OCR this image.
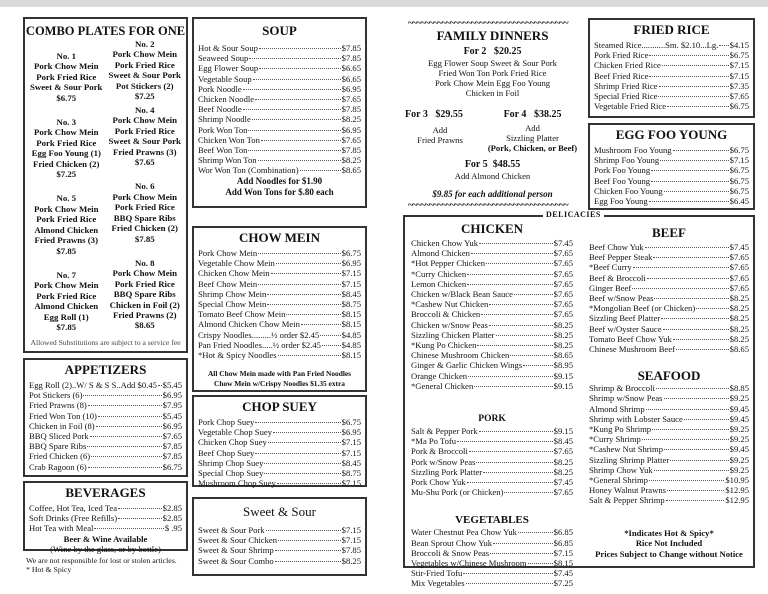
COMBO PLATES FOR ONE
No. 1
Pork Chow Mein
Pork Fried Rice
Sweet & Sour Pork
$6.75
No. 2
Pork Chow Mein
Pork Fried Rice
Sweet & Sour Pork
Pot Stickers (2)
$7.25
No. 3
Pork Chow Mein
Pork Fried Rice
Egg Foo Young (1)
Fried Chicken (2)
$7.25
No. 4
Pork Chow Mein
Pork Fried Rice
Sweet & Sour Pork
Fried Prawns (3)
$7.65
No. 5
Pork Chow Mein
Pork Fried Rice
Almond Chicken
Fried Prawns (3)
$7.85
No. 6
Pork Chow Mein
Pork Fried Rice
BBQ Spare Ribs
Fried Chicken (2)
$7.85
No. 7
Pork Chow Mein
Pork Fried Rice
Almond Chicken
Egg Roll (1)
$7.85
No. 8
Pork Chow Mein
Pork Fried Rice
BBQ Spare Ribs
Chicken in Foil (2)
Fried Prawns (2)
$8.65
Allowed Substitutions are subject to a service fee
APPETIZERS
Egg Roll (2)..W/ S & S S..Add $0.45 $5.45
Pot Stickers (6)	$6.95
Fried Prawns (8)	$7.95
Fried Won Ton (10)	$5.45
Chicken in Foil (8)	$6.95
BBQ Sliced Pork	$7.65
BBQ Spare Ribs	$7.85
Fried Chicken (6)	$7.85
Crab Ragoon (6)	$6.75
BEVERAGES
Coffee, Hot Tea, Iced Tea	$2.85
Soft Drinks (Free Refills)	$2.85
Hot Tea with Meal	$ .95
Beer & Wine Available
(Wine by the glass, or by bottle)
We are not responsible for lost or stolen articles.
* Hot & Spicy
SOUP
Hot & Sour Soup	$7.85
Seaweed Soup	$7.85
Egg Flower Soup	$6.65
Vegetable Soup	$6.65
Pork Noodle	$6.95
Chicken Noodle	$7.65
Beef Noodle	$7.85
Shrimp Noodle	$8.25
Pork Won Ton	$6.95
Chicken Won Ton	$7.65
Beef Won Ton	$7.85
Shrimp Won Ton	$8.25
Wor Won Ton (Combination)	$8.65
Add Noodles for $1.90
Add Won Tons for $.80 each
CHOW MEIN
Pork Chow Mein	$6.75
Vegetable Chow Mein	$6.95
Chicken Chow Mein	$7.15
Beef Chow Mein	$7.15
Shrimp Chow Mein	$8.45
Special Chow Mein	$8.75
Tomato Beef Chow Mein	$8.15
Almond Chicken Chow Mein	$8.15
Crispy Noodles.........½ order $2.45	$4.85
Pan Fried Noodles.....½ order $2.45 $4.85
*Hot & Spicy Noodles	$8.15
All Chow Mein made with Pan Fried Noodles
Chow Mein w/Crispy Noodles $1.35 extra
CHOP SUEY
Pork Chop Suey	$6.75
Vegetable Chop Suey	$6.95
Chicken Chop Suey	$7.15
Beef Chop Suey	$7.15
Shrimp Chop Suey	$8.45
Special Chop Suey	$8.75
Mushroom Chop Suey	$7.15
Sweet & Sour
Sweet & Sour Pork	$7.15
Sweet & Sour Chicken	$7.15
Sweet & Sour Shrimp	$7.85
Sweet & Sour Combo	$8.25
~~~~~~~~~~~~~~~~~~~~~~~~~~~~~~~~~~~~~~
FAMILY DINNERS
For 2 $20.25
Egg Flower Soup Sweet & Sour Pork
Fried Won Ton Pork Fried Rice
Pork Chow Mein Egg Foo Young
Chicken in Foil
For 3 $29.55
Add
Fried Prawns
For 4 $38.25
Add
Sizzling Platter
(Pork, Chicken, or Beef)
For 5 $48.55
Add Almond Chicken
$9.85 for each additional person
~~~~~~~~~~~~~~~~~~~~~~~~~~~~~~~~~~~~~~
FRIED RICE
Steamed Rice...........Sm. $2.10...Lg. $4.15
Pork Fried Rice	$6.75
Chicken Fried Rice	$7.15
Beef Fried Rice	$7.15
Shrimp Fried Rice	$7.35
Special Fried Rice	$7.65
Vegetable Fried Rice	$6.75
EGG FOO YOUNG
Mushroom Foo Young	$6.75
Shrimp Foo Young	$7.15
Pork Foo Young	$6.75
Beef Foo Young	$6.75
Chicken Foo Young	$6.75
Egg Foo Young	$6.45
CHICKEN
Chicken Chow Yuk	$7.45
Almond Chicken	$7.65
*Hot Pepper Chicken	$7.65
*Curry Chicken	$7.65
Lemon Chicken	$7.65
Chicken w/Black Bean Sauce	$7.65
*Cashew Nut Chicken	$7.65
Broccoli & Chicken	$7.65
Chicken w/Snow Peas	$8.25
Sizzling Chicken Platter	$8.25
*Kung Po Chicken	$8.25
Chinese Mushroom Chicken	$8.65
Ginger & Garlic Chicken Wings	$8.95
Orange Chicken	$9.15
*General Chicken	$9.15
PORK
Salt & Pepper Pork	$9.15
*Ma Po Tofu	$8.45
Pork & Broccoli	$7.65
Pork w/Snow Peas	$8.25
Sizzling Pork Platter	$8.25
Pork Chow Yuk	$7.45
Mu-Shu Pork (or Chicken)	$7.65
VEGETABLES
Water Chestnut Pea Chow Yuk	$6.85
Bean Sprout Chow Yuk	$6.85
Broccoli & Snow Peas	$7.15
Vegetables w/Chinese Mushroom	$8.15
Stir-Fried Tofu	$7.45
Mix Vegetables	$7.25
BEEF
Beef Chow Yuk	$7.45
Beef Pepper Steak	$7.65
*Beef Curry	$7.65
Beef & Broccoli	$7.65
Ginger Beef	$7.65
Beef w/Snow Peas	$8.25
*Mongolian Beef (or Chicken)	$8.25
Sizzling Beef Platter	$8.25
Beef w/Oyster Sauce	$8.25
Tomato Beef Chow Yuk	$8.25
Chinese Mushroom Beef	$8.65
SEAFOOD
Shrimp & Broccoli	$8.85
Shrimp w/Snow Peas	$9.25
Almond Shrimp	$9.45
Shrimp with Lobster Sauce	$9.45
*Kung Po Shrimp	$9.25
*Curry Shrimp	$9.25
*Cashew Nut Shrimp	$9.45
Sizzling Shrimp Platter	$9.25
Shrimp Chow Yuk	$9.25
*General Shrimp	$10.95
Honey Walnut Prawns	$12.95
Salt & Pepper Shrimp	$12.95
*Indicates Hot & Spicy*
Rice Not Included
Prices Subject to Change without Notice
DELICACIES
